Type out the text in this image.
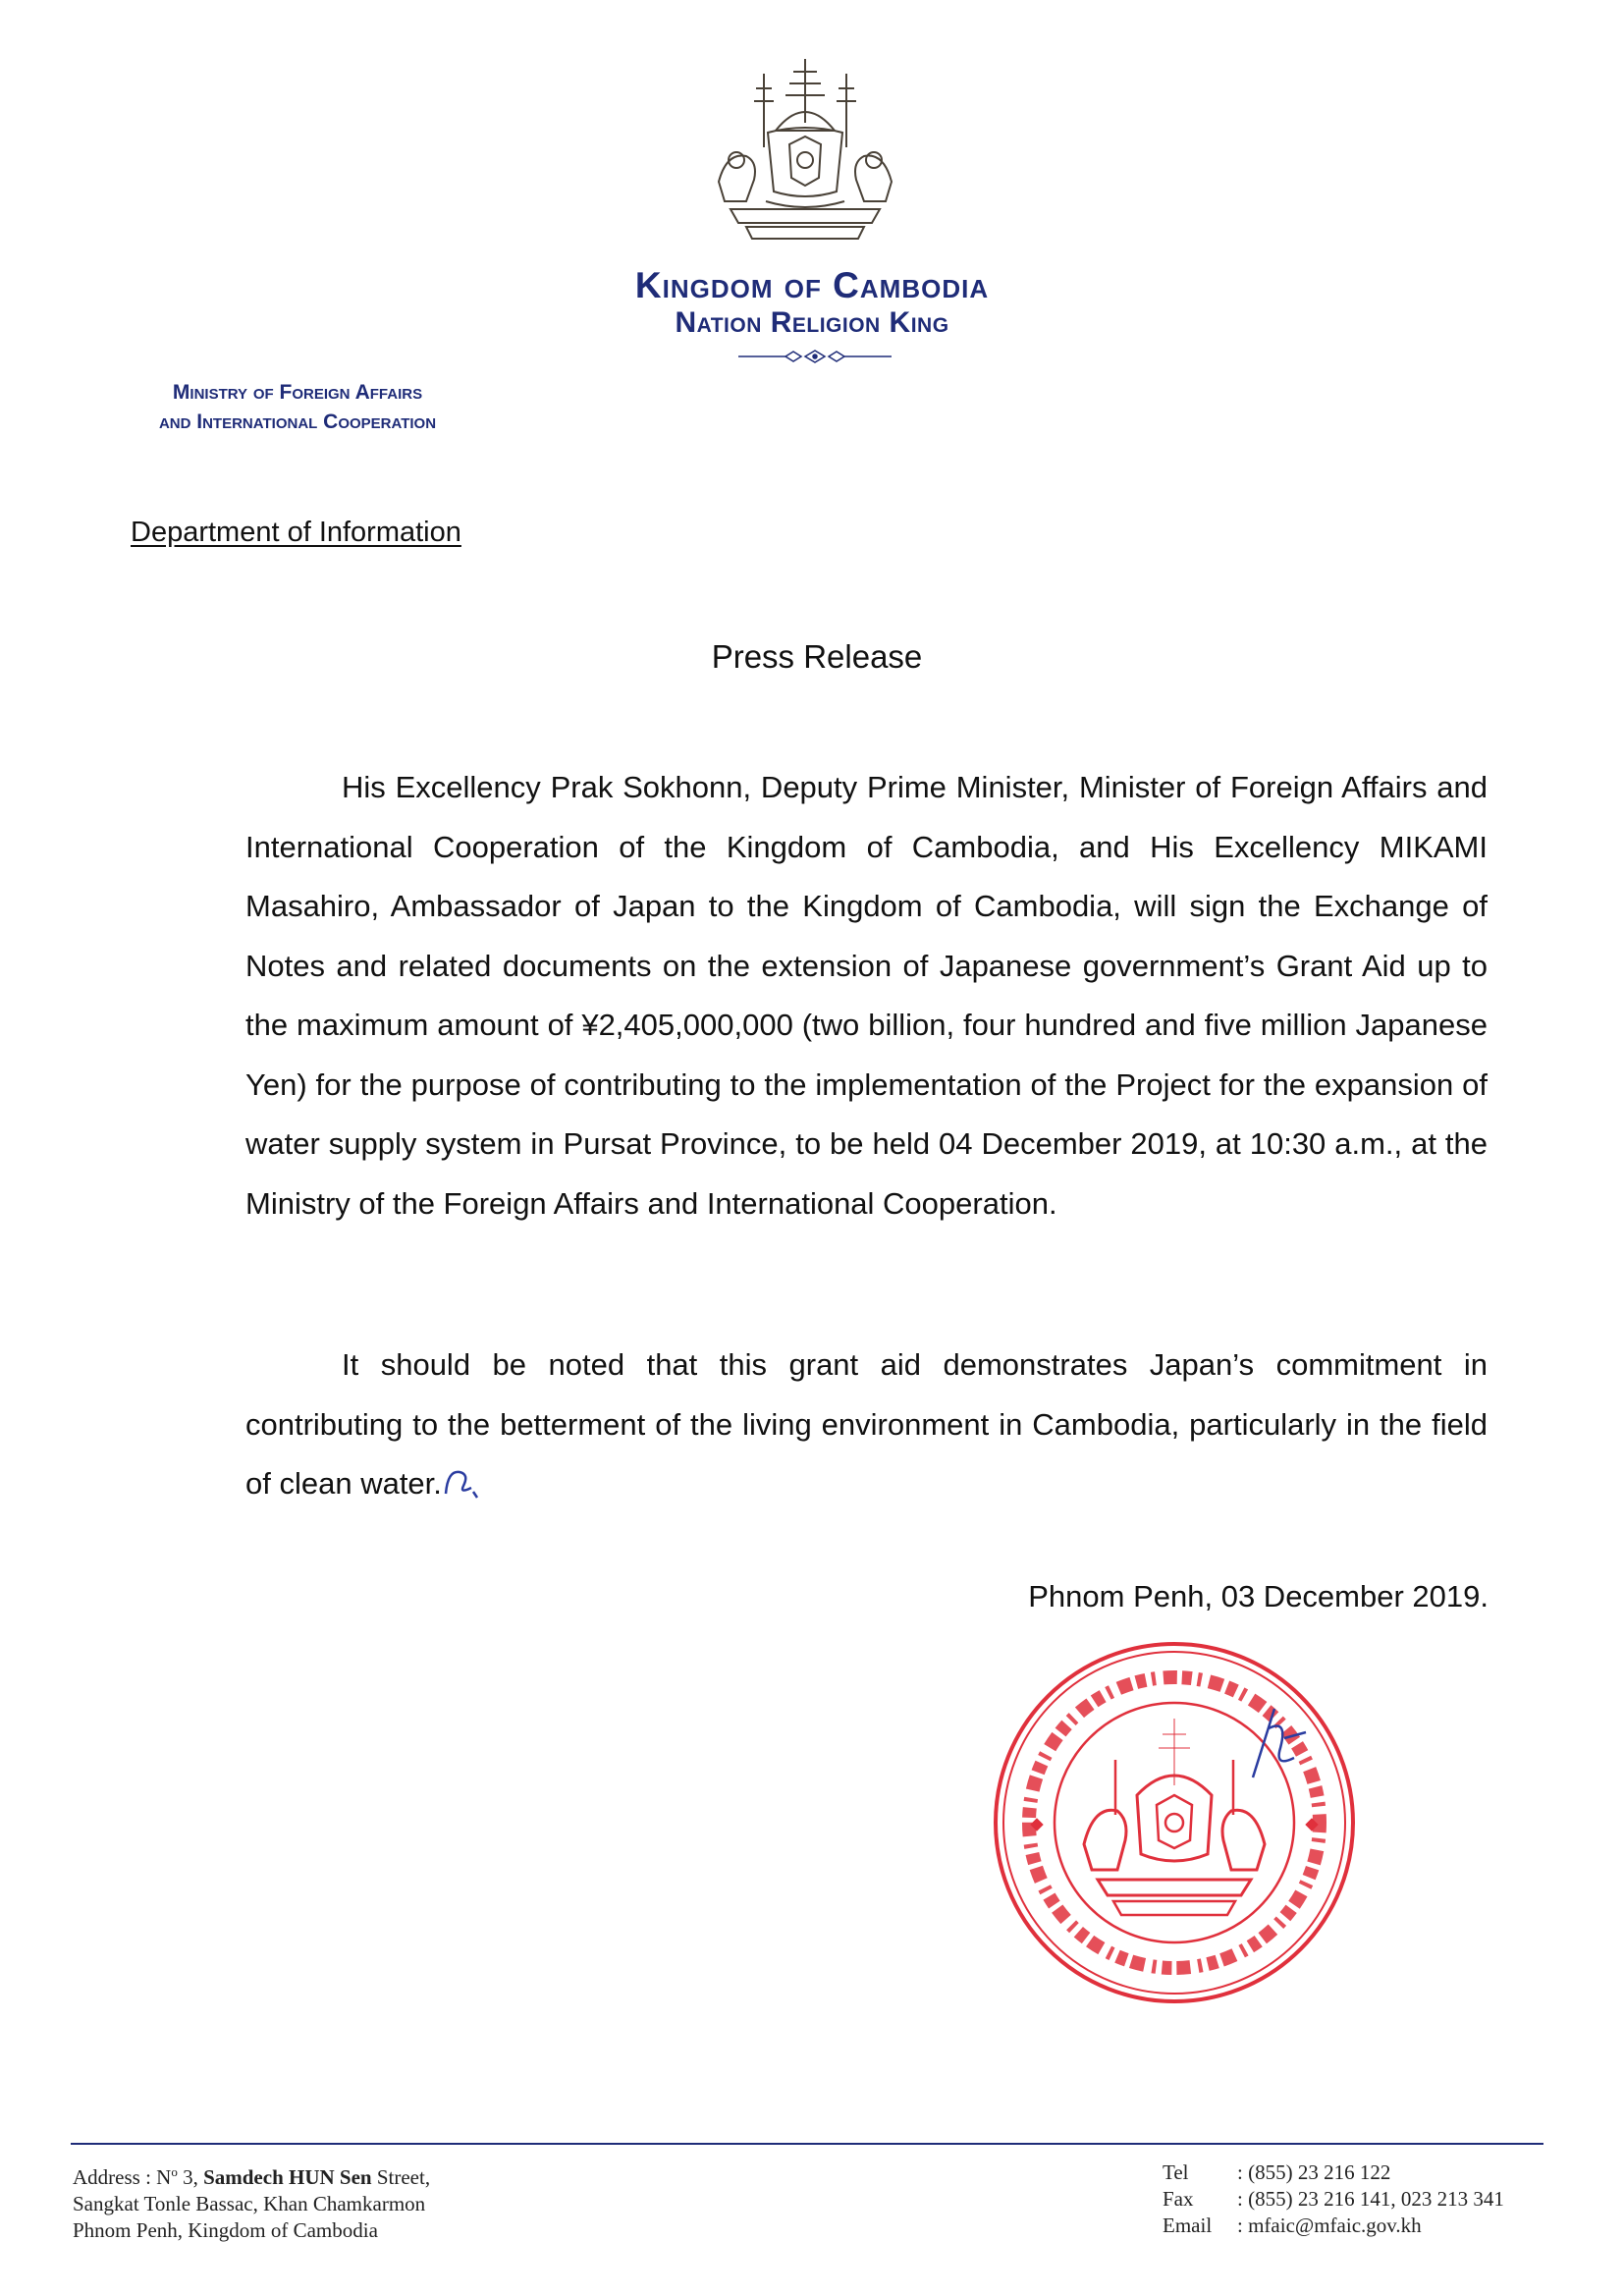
Kingdom of Cambodia
Nation Religion King
Ministry of Foreign Affairs
and International Cooperation
Department of Information
Press Release
His Excellency Prak Sokhonn, Deputy Prime Minister, Minister of Foreign Affairs and International Cooperation of the Kingdom of Cambodia, and His Excellency MIKAMI Masahiro, Ambassador of Japan to the Kingdom of Cambodia, will sign the Exchange of Notes and related documents on the extension of Japanese government’s Grant Aid up to the maximum amount of ¥2,405,000,000 (two billion, four hundred and five million Japanese Yen) for the purpose of contributing to the implementation of the Project for the expansion of water supply system in Pursat Province, to be held 04 December 2019, at 10:30 a.m., at the Ministry of the Foreign Affairs and International Cooperation.
It should be noted that this grant aid demonstrates Japan’s commitment in contributing to the betterment of the living environment in Cambodia, particularly in the field of clean water.
Phnom Penh, 03 December 2019.
Address : $N^o$ 3, Samdech HUN Sen Street,
Sangkat Tonle Bassac, Khan Chamkarmon
Phnom Penh, Kingdom of Cambodia
Tel	: (855) 23 216 122
Fax	: (855) 23 216 141, 023 213 341
Email	: mfaic@mfaic.gov.kh
